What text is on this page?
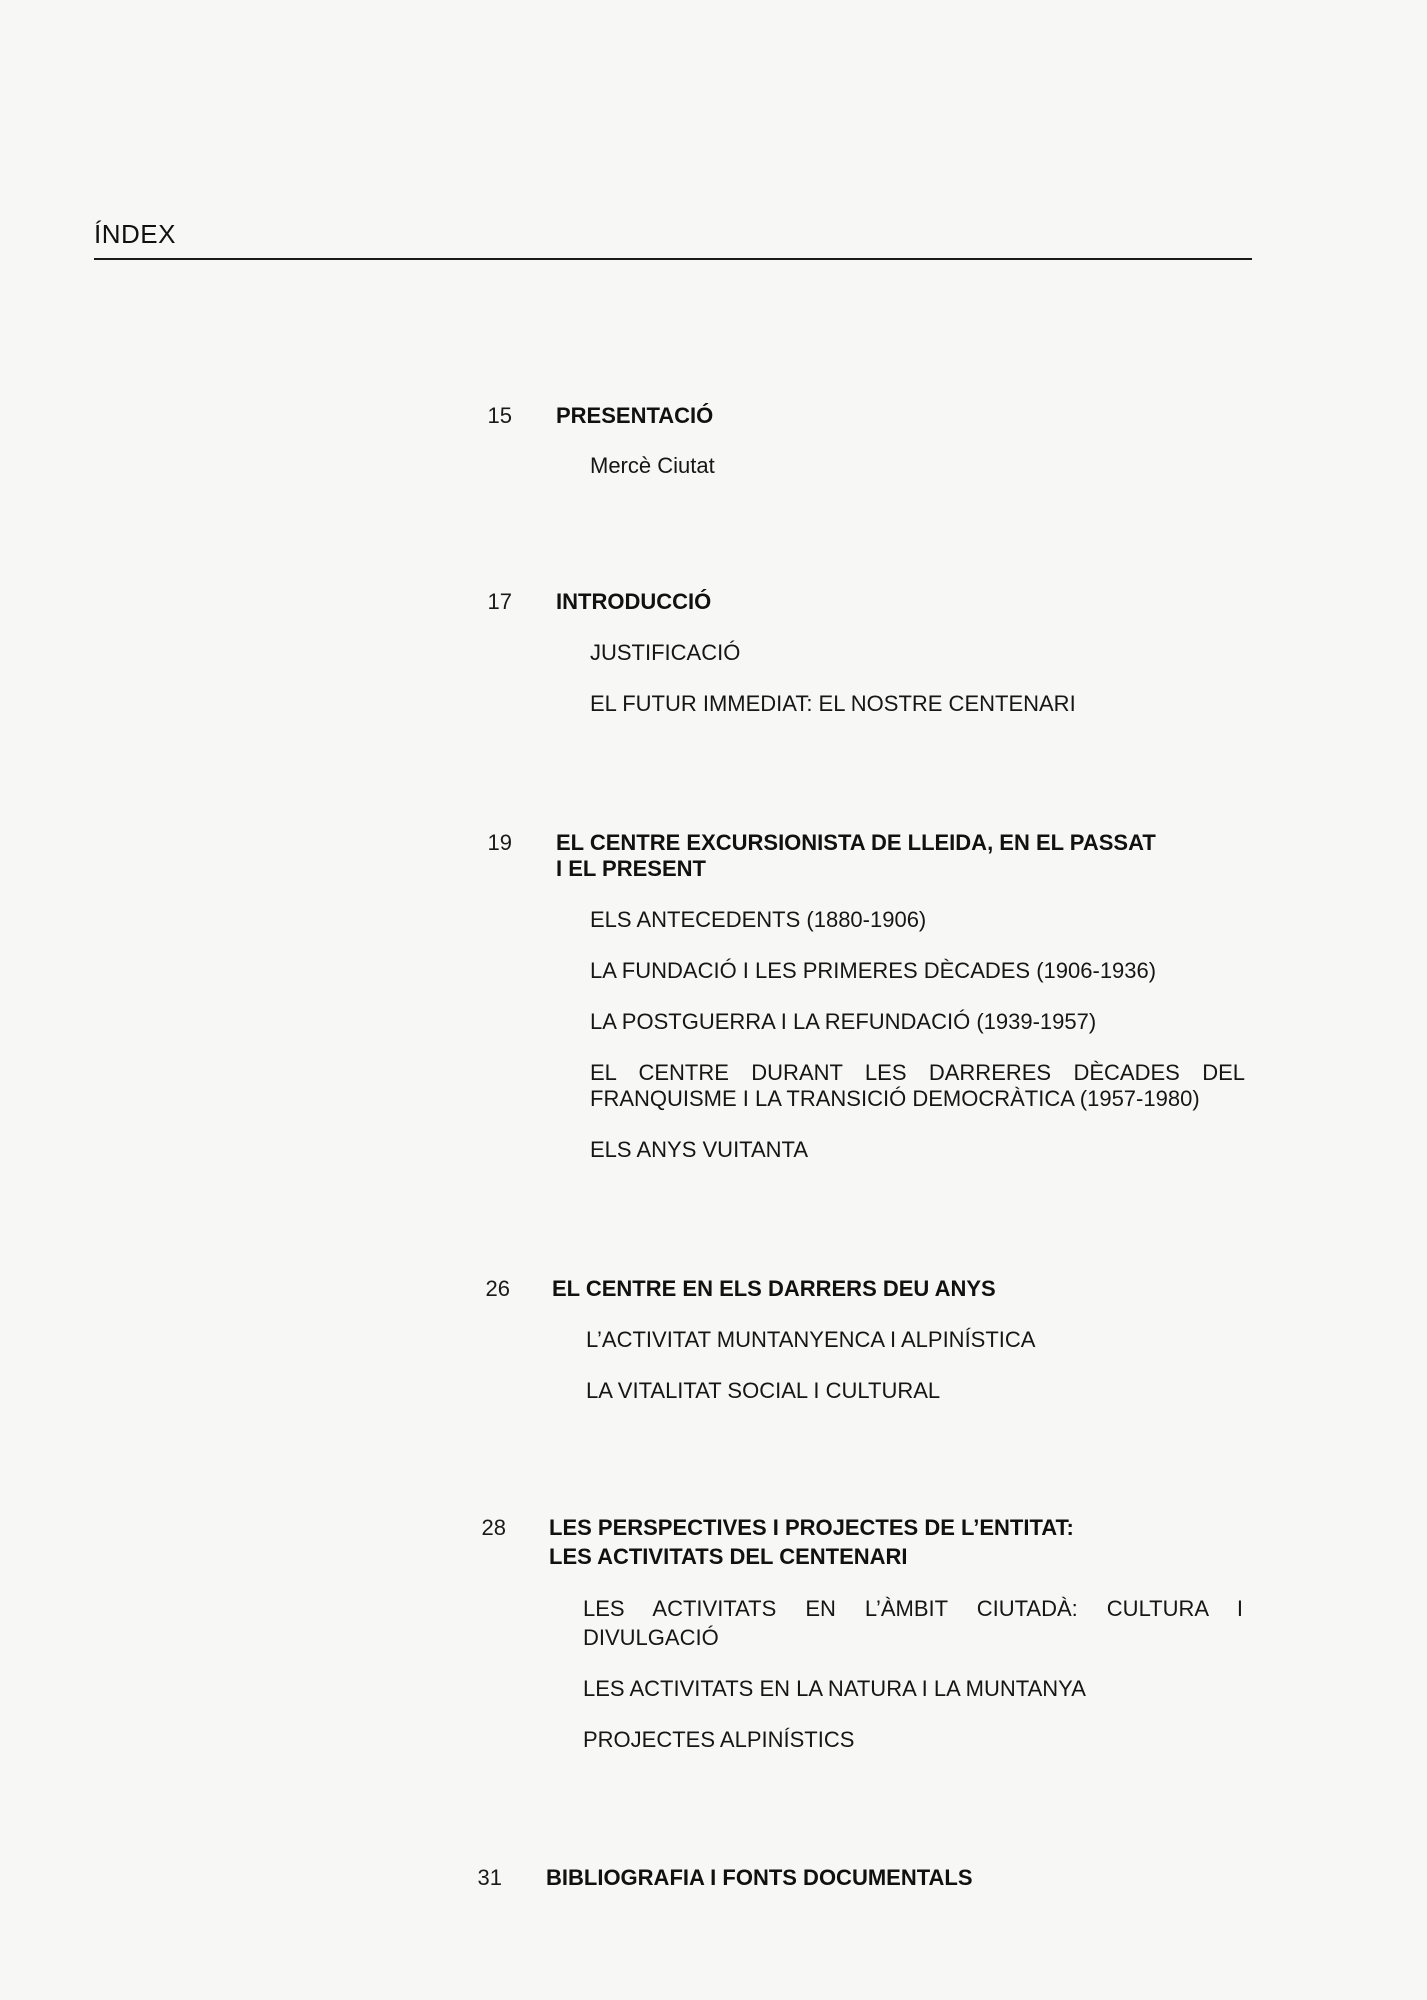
ÍNDEX
15 PRESENTACIÓ
Mercè Ciutat
17 INTRODUCCIÓ
JUSTIFICACIÓ
EL FUTUR IMMEDIAT: EL NOSTRE CENTENARI
19 EL CENTRE EXCURSIONISTA DE LLEIDA, EN EL PASSAT
I EL PRESENT
ELS ANTECEDENTS (1880-1906)
LA FUNDACIÓ I LES PRIMERES DÈCADES (1906-1936)
LA POSTGUERRA I LA REFUNDACIÓ (1939-1957)
EL CENTRE DURANT LES DARRERES DÈCADES DEL
FRANQUISME I LA TRANSICIÓ DEMOCRÀTICA (1957-1980)
ELS ANYS VUITANTA
26 EL CENTRE EN ELS DARRERS DEU ANYS
L’ACTIVITAT MUNTANYENCA I ALPINÍSTICA
LA VITALITAT SOCIAL I CULTURAL
28 LES PERSPECTIVES I PROJECTES DE L’ENTITAT:
LES ACTIVITATS DEL CENTENARI
LES ACTIVITATS EN L’ÀMBIT CIUTADÀ: CULTURA I
DIVULGACIÓ
LES ACTIVITATS EN LA NATURA I LA MUNTANYA
PROJECTES ALPINÍSTICS
31 BIBLIOGRAFIA I FONTS DOCUMENTALS
